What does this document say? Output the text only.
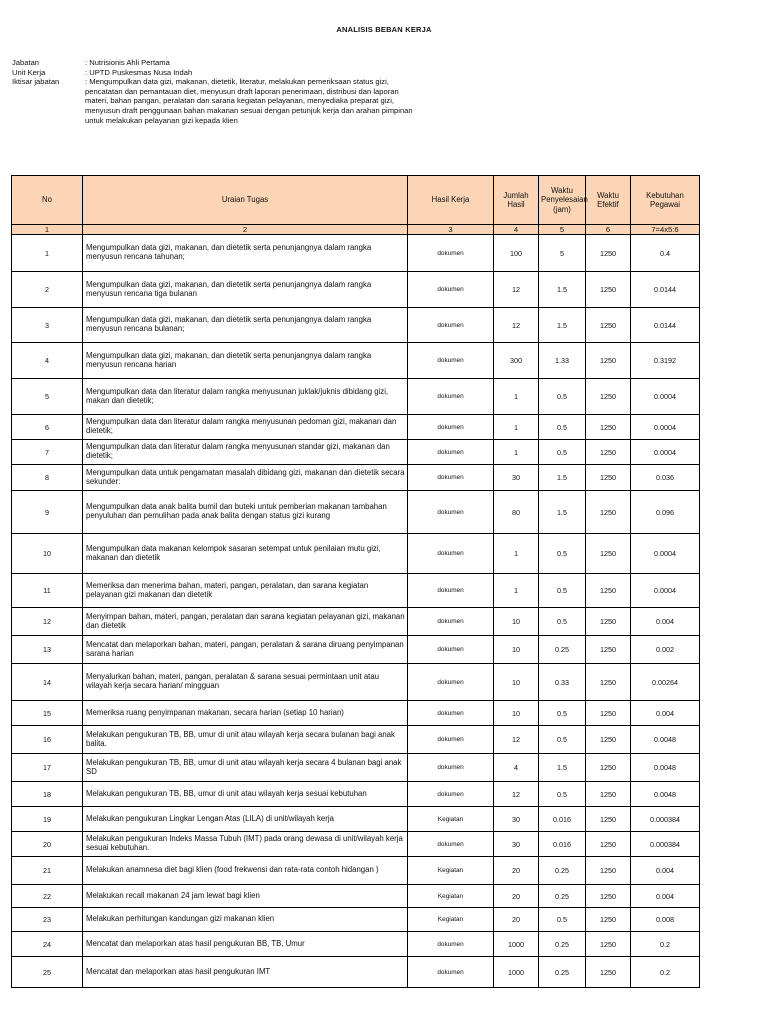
ANALISIS BEBAN KERJA
Jabatan	: Nutrisionis Ahli Pertama
Unit Kerja	: UPTD Puskesmas Nusa Indah
Iktisar jabatan	: Mengumpulkan data gizi, makanan, dietetik, literatur, melakukan pemeriksaan status gizi, pencatatan dan pemantauan diet, menyusun draft laporan penerimaan, distribusi dan laporan materi, bahan pangan, peralatan dan sarana kegiatan pelayanan, menyediaka preparat gizi, menyusun draft penggunaan bahan makanan sesuai dengan petunjuk kerja dan arahan pimpinan untuk melakukan pelayanan gizi kepada klien
No	Uraian Tugas	Hasil Kerja	Jumlah Hasil	Waktu Penyelesaian (jam)	Waktu Efektif	Kebutuhan Pegawai
1	2	3	4	5	6	7=4x5:6
1	Mengumpulkan data gizi, makanan, dan dietetik serta penunjangnya dalam rangka menyusun rencana tahunan;	dokumen	100	5	1250	0.4
2	Mengumpulkan data gizi, makanan, dan dietetik serta penunjangnya dalam rangka menyusun rencana tiga bulanan	dokumen	12	1.5	1250	0.0144
3	Mengumpulkan data gizi, makanan, dan dietetik serta penunjangnya dalam rangka menyusun rencana bulanan;	dokumen	12	1.5	1250	0.0144
4	Mengumpulkan data gizi, makanan, dan dietetik serta penunjangnya dalam rangka menyusun rencana harian	dokumen	300	1.33	1250	0.3192
5	Mengumpulkan data dan literatur dalam rangka menyusunan juklak/juknis dibidang gizi, makan dan dietetik;	dokumen	1	0.5	1250	0.0004
6	Mengumpulkan data dan literatur dalam rangka menyusunan pedoman gizi, makanan dan dietetik;	dokumen	1	0.5	1250	0.0004
7	Mengumpulkan data dan literatur dalam rangka menyusunan standar gizi, makanan dan dietetik;	dokumen	1	0.5	1250	0.0004
8	Mengumpulkan data untuk pengamatan masalah dibidang gizi, makanan dan dietetik secara sekunder:	dokumen	30	1.5	1250	0.036
9	Mengumpulkan data anak balita bumil dan buteki untuk pemberian makanan tambahan penyuluhan dan pemulihan pada anak balita dengan status gizi kurang	dokumen	80	1.5	1250	0.096
10	Mengumpulkan data makanan kelompok sasaran setempat untuk penilaian mutu gizi, makanan dan dietetik	dokumen	1	0.5	1250	0.0004
11	Memeriksa dan menerima bahan, materi, pangan, peralatan, dan sarana kegiatan pelayanan gizi makanan dan dietetik	dokumen	1	0.5	1250	0.0004
12	Menyimpan bahan, materi, pangan, peralatan dan sarana kegiatan pelayanan gizi, makanan dan dietetik	dokumen	10	0.5	1250	0.004
13	Mencatat dan melaporkan bahan, materi, pangan, peralatan & sarana diruang penyimpanan sarana harian	dokumen	10	0.25	1250	0.002
14	Menyalurkan bahan, materi, pangan, peralatan & sarana sesuai permintaan unit atau wilayah kerja secara harian/ mingguan	dokumen	10	0.33	1250	0.00264
15	Memeriksa ruang penyimpanan makanan, secara harian (setiap 10 harian)	dokumen	10	0.5	1250	0.004
16	Melakukan pengukuran TB, BB, umur di unit atau wilayah kerja secara bulanan bagi anak balita.	dokumen	12	0.5	1250	0.0048
17	Melakukan pengukuran TB, BB, umur di unit atau wilayah kerja secara 4 bulanan bagi anak SD	dokumen	4	1.5	1250	0.0048
18	Melakukan pengukuran TB, BB, umur di unit atau wilayah kerja sesuai kebutuhan	dokumen	12	0.5	1250	0.0048
19	Melakukan pengukuran Lingkar Lengan Atas (LILA) di unit/wilayah kerja	Kegiatan	30	0.016	1250	0.000384
20	Melakukan pengukuran Indeks Massa Tubuh (IMT) pada orang dewasa di unit/wilayah kerja sesuai kebutuhan.	dokumen	30	0.016	1250	0.000384
21	Melakukan anamnesa diet bagi klien (food frekwensi dan rata-rata contoh hidangan )	Kegiatan	20	0.25	1250	0.004
22	Melakukan recall makanan 24 jam lewat bagi klien	Kegiatan	20	0.25	1250	0.004
23	Melakukan perhitungan kandungan gizi makanan klien	Kegiatan	20	0.5	1250	0.008
24	Mencatat dan melaporkan atas hasil pengukuran BB, TB, Umur	dokumen	1000	0.25	1250	0.2
25	Mencatat dan melaporkan atas hasil pengukuran IMT	dokumen	1000	0.25	1250	0.2
